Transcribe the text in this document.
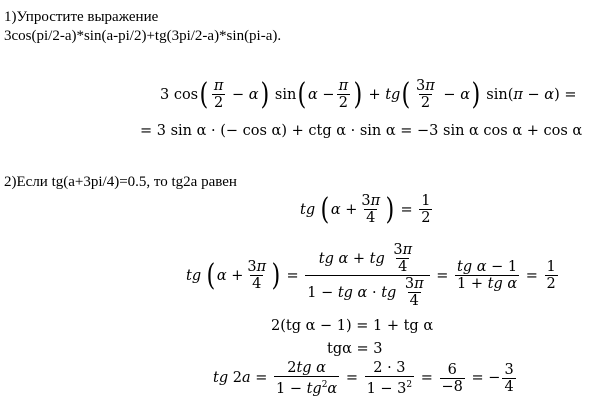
1)Упростите выражение
3cos(pi/2-a)*sin(a-pi/2)+tg(3pi/2-a)*sin(pi-a).
3 cos ( $\frac{\pi}{2} - \alpha$ ) sin ( $\alpha - \frac{\pi}{2}$ ) + tg ( $\frac{3\pi}{2} - \alpha$ ) sin(π − α) =
= 3 sin α · (− cos α) + ctg α · sin α = −3 sin α cos α + cos α
2)Если tg(a+3pi/4)=0.5, то tg2a равен
tg ( $\alpha + \frac{3\pi}{4}$ ) = $\frac{1}{2}$
tg ( $\alpha + \frac{3\pi}{4}$ ) = tg α + tg
$\frac{3\pi}{4}$
1 − tg α · tg
$\frac{3\pi}{4} = \frac{\text{tg α − 1}}{\text{1 + tg α}} = \frac{1}{2}$
2(tg α − 1) = 1 + tg α
tgα = 3
tg $2a = \frac{\text{2tg α}}{1 - tg^2\alpha} = \frac{2 \cdot 3}{1 - 3^2} = \frac{6}{-8}$ = − $\frac{3}{4}$
